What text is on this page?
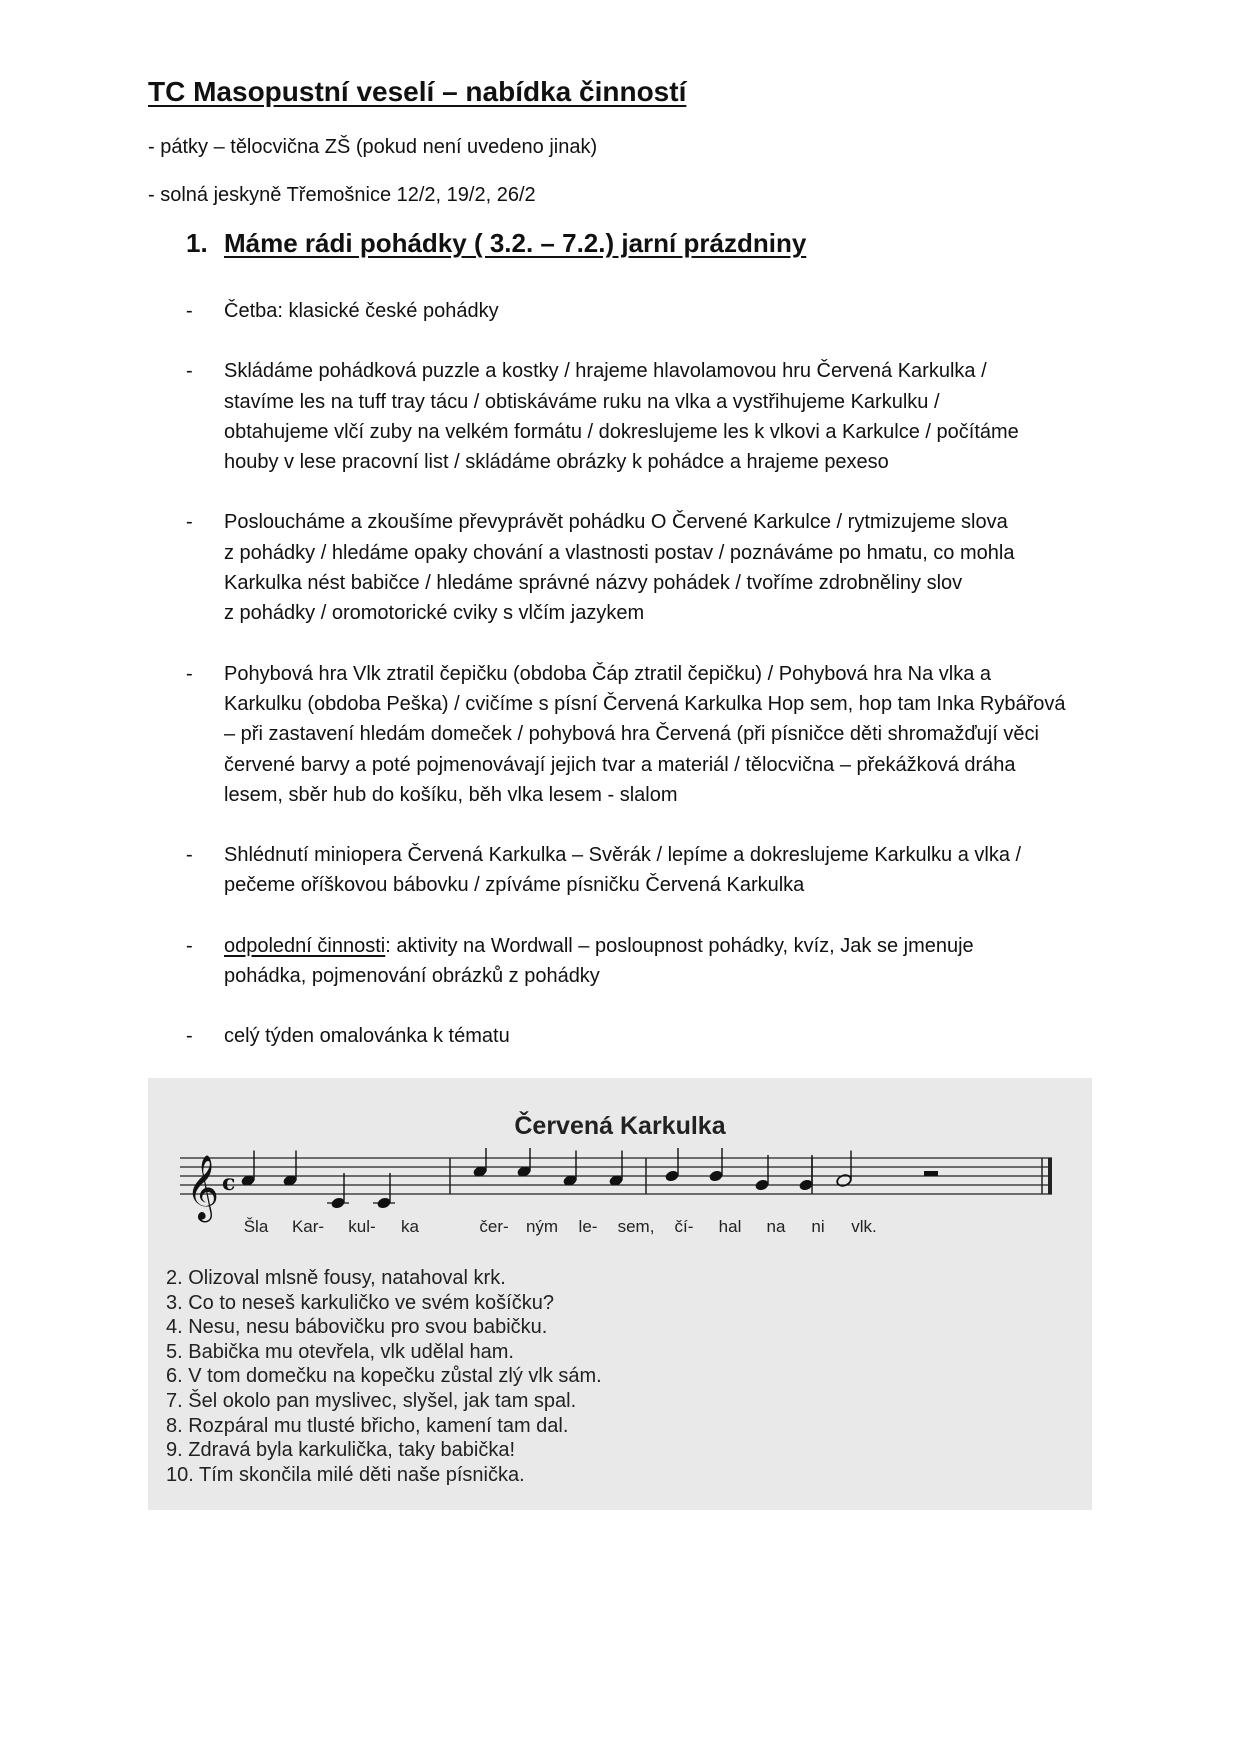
TC Masopustní veselí – nabídka činností

- pátky – tělocvična ZŠ (pokud není uvedeno jinak)

- solná jeskyně Třemošnice 12/2, 19/2, 26/2

1. Máme rádi pohádky ( 3.2. – 7.2.) jarní prázdniny
-	Četba: klasické české pohádky
-	Skládáme pohádková puzzle a kostky / hrajeme hlavolamovou hru Červená Karkulka /
stavíme les na tuff tray tácu / obtiskáváme ruku na vlka a vystřihujeme Karkulku /
obtahujeme vlčí zuby na velkém formátu / dokreslujeme les k vlkovi a Karkulce / počítáme
houby v lese pracovní list / skládáme obrázky k pohádce a hrajeme pexeso
-	Posloucháme a zkoušíme převyprávět pohádku O Červené Karkulce / rytmizujeme slova
z pohádky / hledáme opaky chování a vlastnosti postav / poznáváme po hmatu, co mohla
Karkulka nést babičce / hledáme správné názvy pohádek / tvoříme zdrobněliny slov
z pohádky / oromotorické cviky s vlčím jazykem
-	Pohybová hra Vlk ztratil čepičku (obdoba Čáp ztratil čepičku) / Pohybová hra Na vlka a
Karkulku (obdoba Peška) / cvičíme s písní Červená Karkulka Hop sem, hop tam Inka Rybářová
– při zastavení hledám domeček / pohybová hra Červená (při písničce děti shromažďují věci
červené barvy a poté pojmenovávají jejich tvar a materiál / tělocvična – překážková dráha
lesem, sběr hub do košíku, běh vlka lesem - slalom
-	Shlédnutí miniopera Červená Karkulka – Svěrák / lepíme a dokreslujeme Karkulku a vlka /
pečeme oříškovou bábovku / zpíváme písničku Červená Karkulka
-	odpolední činnosti: aktivity na Wordwall – posloupnost pohádky, kvíz, Jak se jmenuje
pohádka, pojmenování obrázků z pohádky
-	celý týden omalovánka k tématu

Červená Karkulka

𝄞 c
Šla Kar- kul- ka	čer- ným le- sem, čí- hal na ni vlk.
2. Olizoval mlsně fousy, natahoval krk.
3. Co to neseš karkuličko ve svém košíčku?
4. Nesu, nesu bábovičku pro svou babičku.
5. Babička mu otevřela, vlk udělal ham.
6. V tom domečku na kopečku zůstal zlý vlk sám.
7. Šel okolo pan myslivec, slyšel, jak tam spal.
8. Rozpáral mu tlusté břicho, kamení tam dal.
9. Zdravá byla karkulička, taky babička!
10. Tím skončila milé děti naše písnička.
